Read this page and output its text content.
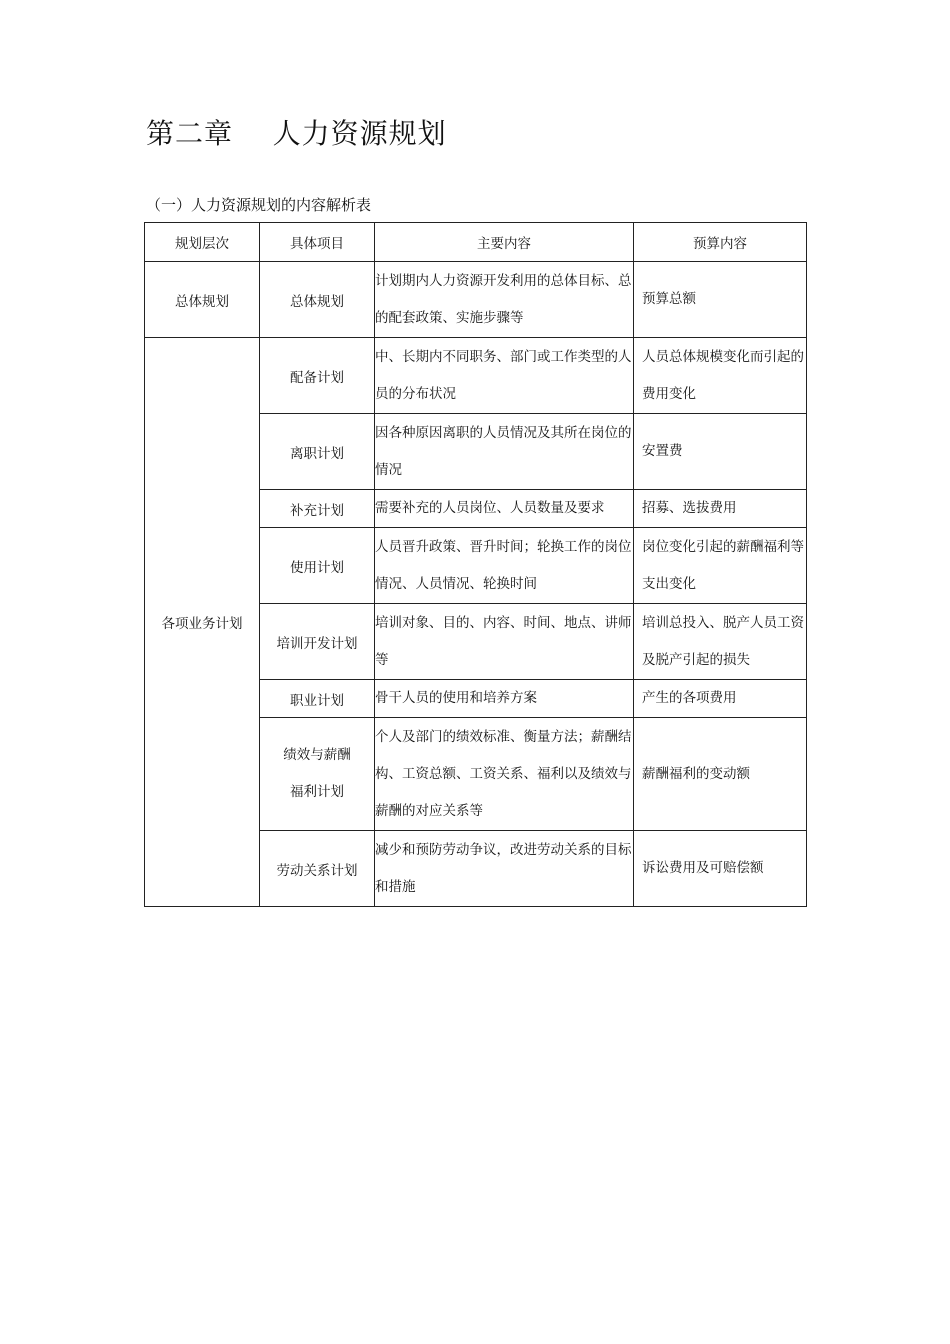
第二章    人力资源规划
（一）人力资源规划的内容解析表
规划层次	具体项目	主要内容	预算内容
总体规划	总体规划	计划期内人力资源开发利用的总体目标、总的配套政策、实施步骤等	预算总额
各项业务计划	配备计划	中、长期内不同职务、部门或工作类型的人员的分布状况	人员总体规模变化而引起的费用变化
	离职计划	因各种原因离职的人员情况及其所在岗位的情况	安置费
	补充计划	需要补充的人员岗位、人员数量及要求	招募、选拔费用
	使用计划	人员晋升政策、晋升时间；轮换工作的岗位情况、人员情况、轮换时间	岗位变化引起的薪酬福利等支出变化
	培训开发计划	培训对象、目的、内容、时间、地点、讲师等	培训总投入、脱产人员工资及脱产引起的损失
	职业计划	骨干人员的使用和培养方案	产生的各项费用
	绩效与薪酬福利计划	个人及部门的绩效标准、衡量方法；薪酬结构、工资总额、工资关系、福利以及绩效与薪酬的对应关系等	薪酬福利的变动额
	劳动关系计划	减少和预防劳动争议，改进劳动关系的目标和措施	诉讼费用及可赔偿额
